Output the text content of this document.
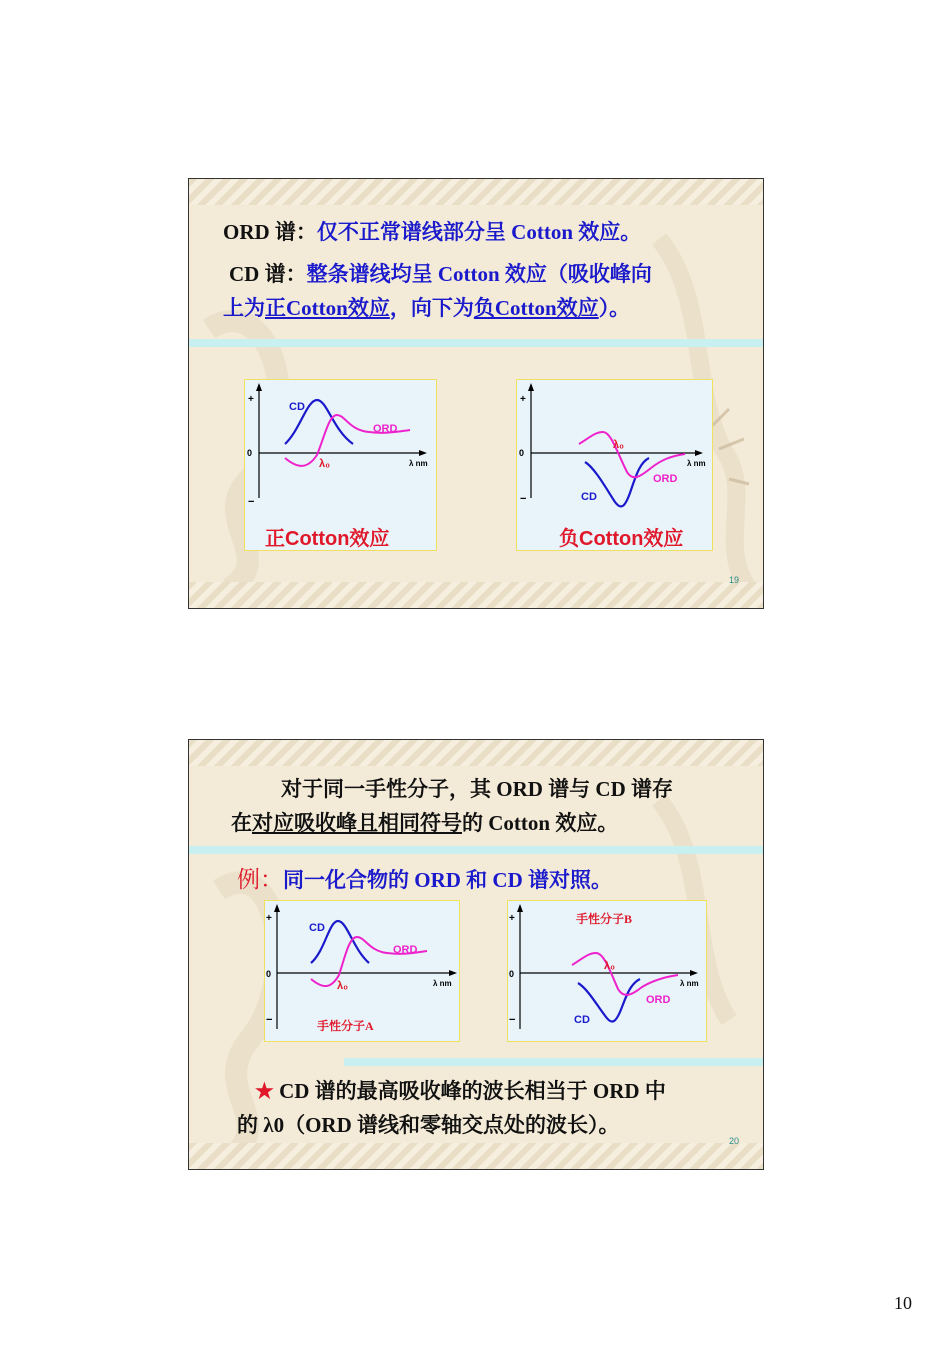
ORD 谱：仅不正常谱线部分呈 Cotton 效应。
CD 谱：整条谱线均呈 Cotton 效应（吸收峰向
上为正Cotton效应，向下为负Cotton效应）。
+
0
−
CD
ORD
λ₀	λ nm
正Cotton效应
+
0
−	CD
ORD
λ₀
λ nm
负Cotton效应
19
对于同一手性分子，其 ORD 谱与 CD 谱存
在对应吸收峰且相同符号的 Cotton 效应。
例：同一化合物的 ORD 和 CD 谱对照。
+
0
−
CD
ORD
λ₀	λ nm
手性分子A
+
0
−	CD
ORD
λ₀
λ nm
手性分子B
★ CD 谱的最高吸收峰的波长相当于 ORD 中
的 λ0（ORD 谱线和零轴交点处的波长）。
20
10
